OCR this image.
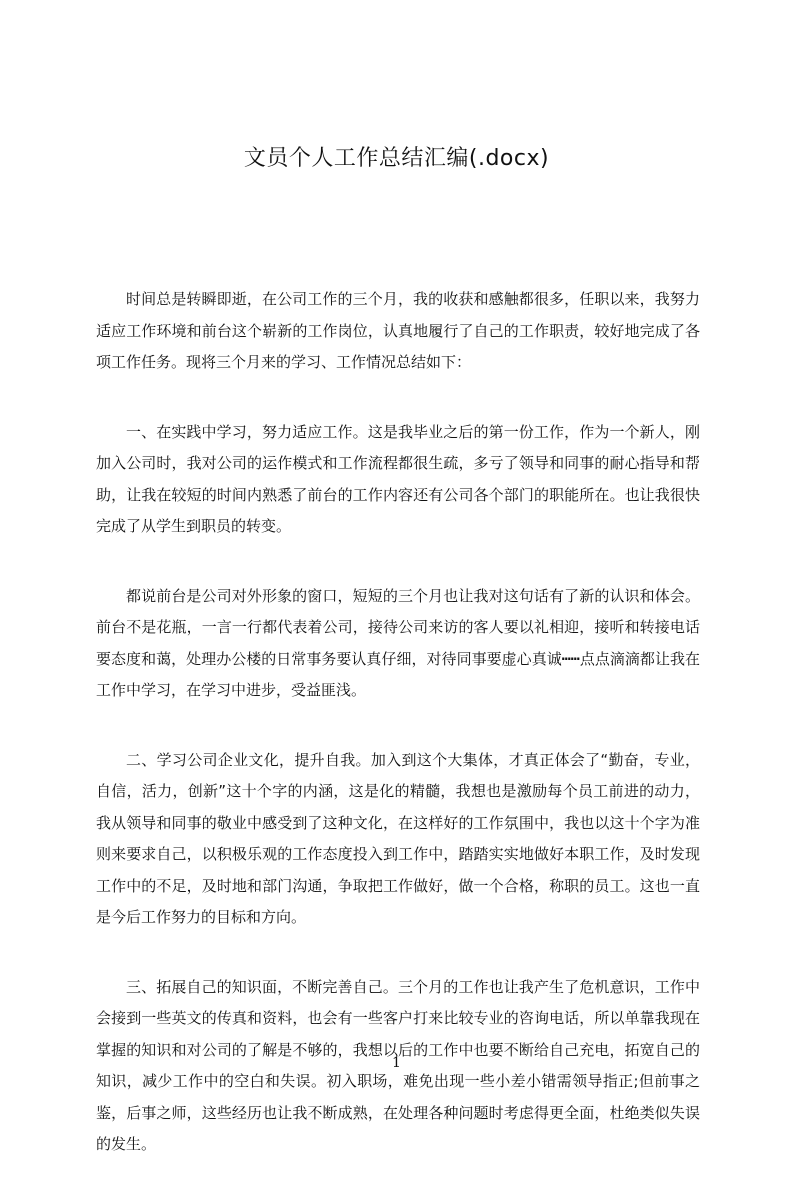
文员个人工作总结汇编(.docx)

时间总是转瞬即逝，在公司工作的三个月，我的收获和感触都很多，任职以来，我努力适应工作环境和前台这个崭新的工作岗位，认真地履行了自己的工作职责，较好地完成了各项工作任务。现将三个月来的学习、工作情况总结如下：

一、在实践中学习，努力适应工作。这是我毕业之后的第一份工作，作为一个新人，刚加入公司时，我对公司的运作模式和工作流程都很生疏，多亏了领导和同事的耐心指导和帮助，让我在较短的时间内熟悉了前台的工作内容还有公司各个部门的职能所在。也让我很快完成了从学生到职员的转变。

都说前台是公司对外形象的窗口，短短的三个月也让我对这句话有了新的认识和体会。前台不是花瓶，一言一行都代表着公司，接待公司来访的客人要以礼相迎，接听和转接电话要态度和蔼，处理办公楼的日常事务要认真仔细，对待同事要虚心真诚┅┅点点滴滴都让我在工作中学习，在学习中进步，受益匪浅。

二、学习公司企业文化，提升自我。加入到这个大集体，才真正体会了“勤奋，专业，自信，活力，创新”这十个字的内涵，这是化的精髓，我想也是激励每个员工前进的动力，我从领导和同事的敬业中感受到了这种文化，在这样好的工作氛围中，我也以这十个字为准则来要求自己，以积极乐观的工作态度投入到工作中，踏踏实实地做好本职工作，及时发现工作中的不足，及时地和部门沟通，争取把工作做好，做一个合格，称职的员工。这也一直是今后工作努力的目标和方向。

三、拓展自己的知识面，不断完善自己。三个月的工作也让我产生了危机意识，工作中会接到一些英文的传真和资料，也会有一些客户打来比较专业的咨询电话，所以单靠我现在掌握的知识和对公司的了解是不够的，我想以后的工作中也要不断给自己充电，拓宽自己的知识，减少工作中的空白和失误。初入职场，难免出现一些小差小错需领导指正;但前事之鉴，后事之师，这些经历也让我不断成熟，在处理各种问题时考虑得更全面，杜绝类似失误的发生。

1
